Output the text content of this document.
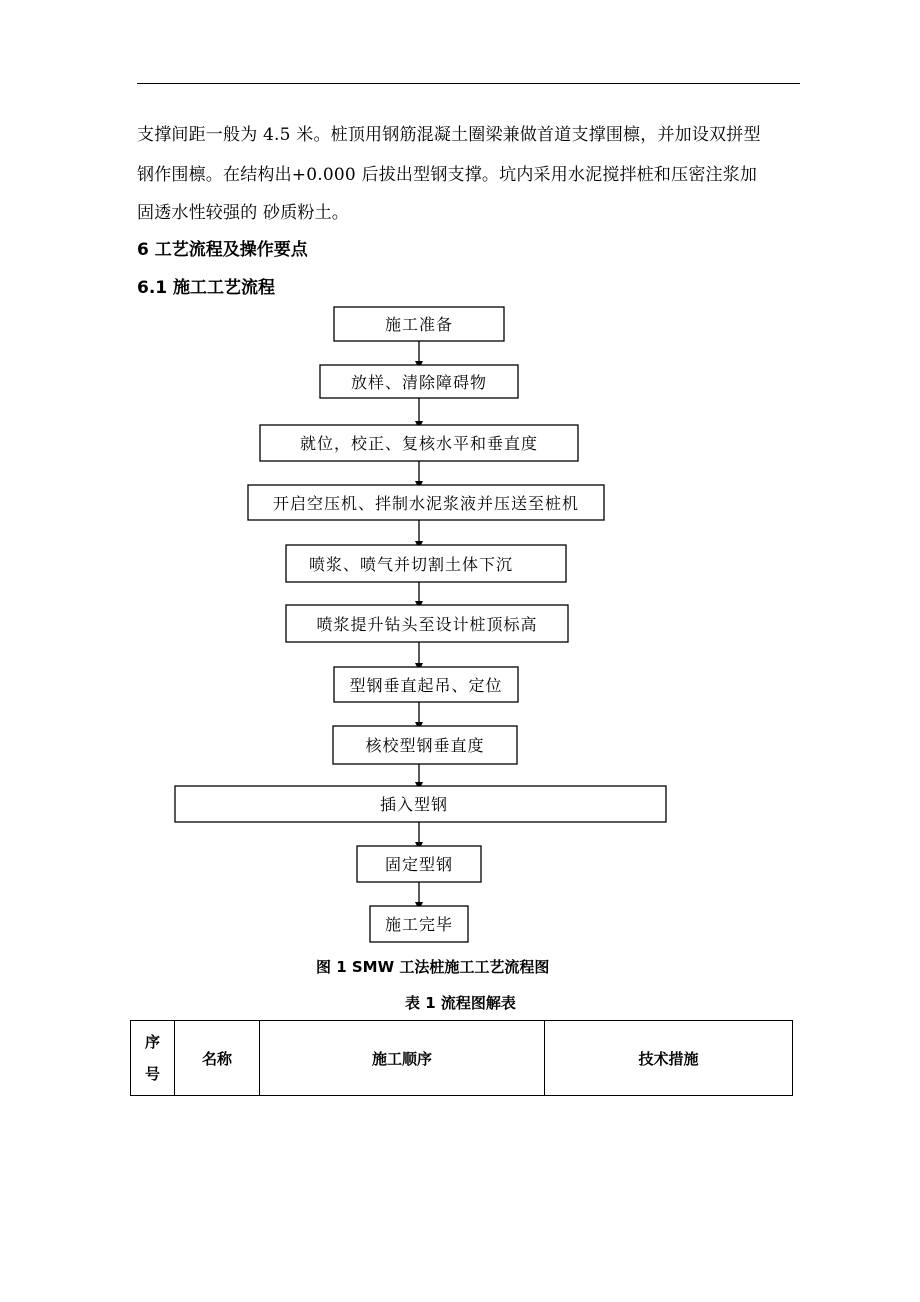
支撑间距一般为 4.5 米。桩顶用钢筋混凝土圈梁兼做首道支撑围檩，并加设双拼型
钢作围檩。在结构出+0.000 后拔出型钢支撑。坑内采用水泥搅拌桩和压密注浆加
固透水性较强的 砂质粉土。
6 工艺流程及操作要点
6.1 施工工艺流程
施工准备
放样、清除障碍物
就位，校正、复核水平和垂直度
开启空压机、拌制水泥浆液并压送至桩机
喷浆、喷气并切割土体下沉
喷浆提升钻头至设计桩顶标高
型钢垂直起吊、定位
核校型钢垂直度
插入型钢
固定型钢
施工完毕
图 1 SMW 工法桩施工工艺流程图
表 1 流程图解表
序
号
	名称	施工顺序	技术措施
